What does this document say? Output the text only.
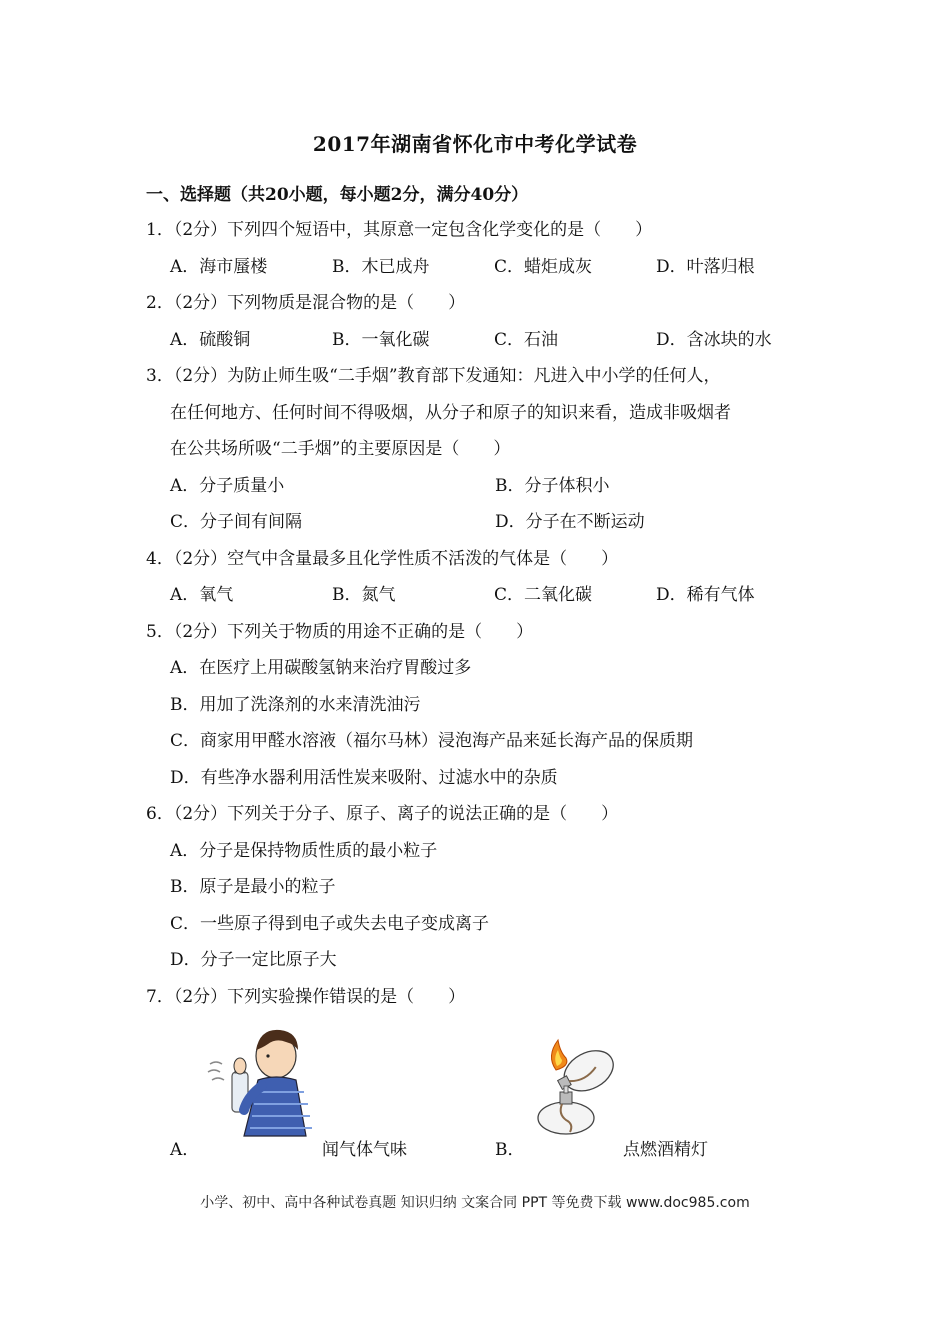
2017年湖南省怀化市中考化学试卷
一、选择题（共20小题，每小题2分，满分40分）
1．（2分）下列四个短语中，其原意一定包含化学变化的是（　　）
A．海市蜃楼	B．木已成舟	C．蜡炬成灰	D．叶落归根
2．（2分）下列物质是混合物的是（　　）
A．硫酸铜	B．一氧化碳	C．石油	D．含冰块的水
3．（2分）为防止师生吸“二手烟”教育部下发通知：凡进入中小学的任何人，
在任何地方、任何时间不得吸烟，从分子和原子的知识来看，造成非吸烟者
在公共场所吸“二手烟”的主要原因是（　　）
A．分子质量小	B．分子体积小
C．分子间有间隔	D．分子在不断运动
4．（2分）空气中含量最多且化学性质不活泼的气体是（　　）
A．氧气	B．氮气	C．二氧化碳	D．稀有气体
5．（2分）下列关于物质的用途不正确的是（　　）
A．在医疗上用碳酸氢钠来治疗胃酸过多
B．用加了洗涤剂的水来清洗油污
C．商家用甲醛水溶液（福尔马林）浸泡海产品来延长海产品的保质期
D．有些净水器利用活性炭来吸附、过滤水中的杂质
6．（2分）下列关于分子、原子、离子的说法正确的是（　　）
A．分子是保持物质性质的最小粒子
B．原子是最小的粒子
C．一些原子得到电子或失去电子变成离子
D．分子一定比原子大
7．（2分）下列实验操作错误的是（　　）
A．	闻气体气味	B．	点燃酒精灯
小学、初中、高中各种试卷真题 知识归纳 文案合同 PPT 等免费下载 www.doc985.com
